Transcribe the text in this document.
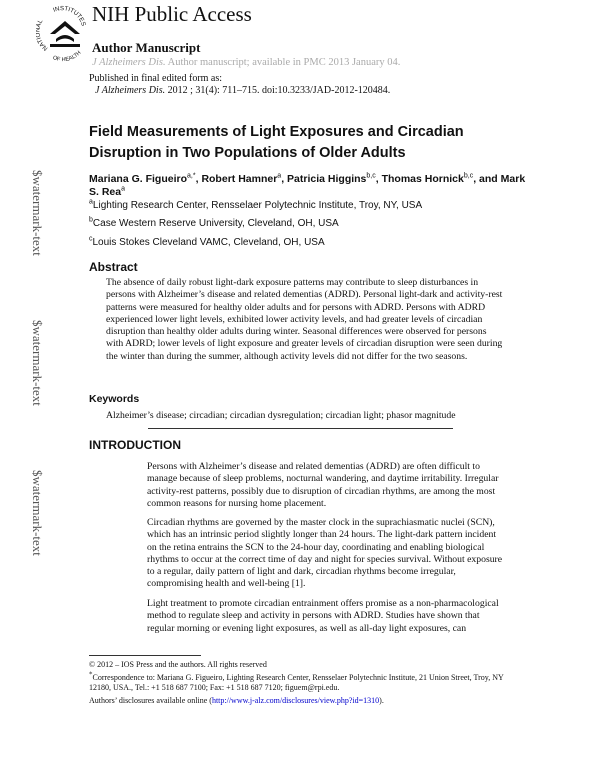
NATI L
INSTITUTE
OF HEALTH
NIH Public Access
Author Manuscript
J Alzheimers Dis. Author manuscript; available in PMC 2013 January 04.
Published in final edited form as:
J Alzheimers Dis. 2012 ; 31(4): 711–715. doi:10.3233/JAD-2012-120484.
$watermark-text
$watermark-text
$watermark-text
Field Measurements of Light Exposures and Circadian Disruption in Two Populations of Older Adults
Mariana G. Figueiro$^{a,*}$, Robert Hamner$^a$, Patricia Higgins$^{b,c}$, Thomas Hornick$^{b,c}$, and Mark S. Rea$^a$
$^a$Lighting Research Center, Rensselaer Polytechnic Institute, Troy, NY, USA
$^b$Case Western Reserve University, Cleveland, OH, USA
$^c$Louis Stokes Cleveland VAMC, Cleveland, OH, USA
Abstract
The absence of daily robust light-dark exposure patterns may contribute to sleep disturbances in persons with Alzheimer’s disease and related dementias (ADRD). Personal light-dark and activity-rest patterns were measured for healthy older adults and for persons with ADRD. Persons with ADRD experienced lower light levels, exhibited lower activity levels, and had greater levels of circadian disruption than healthy older adults during winter. Seasonal differences were observed for persons with ADRD; lower levels of light exposure and greater levels of circadian disruption were seen during the winter than during the summer, although activity levels did not differ for the two seasons.
Keywords
Alzheimer’s disease; circadian; circadian dysregulation; circadian light; phasor magnitude
INTRODUCTION
Persons with Alzheimer’s disease and related dementias (ADRD) are often difficult to manage because of sleep problems, nocturnal wandering, and daytime irritability. Irregular activity-rest patterns, possibly due to disruption of circadian rhythms, are among the most common reasons for nursing home placement.
Circadian rhythms are governed by the master clock in the suprachiasmatic nuclei (SCN), which has an intrinsic period slightly longer than 24 hours. The light-dark pattern incident on the retina entrains the SCN to the 24-hour day, coordinating and enabling biological rhythms to occur at the correct time of day and night for species survival. Without exposure to a regular, daily pattern of light and dark, circadian rhythms become irregular, compromising health and well-being [1].
Light treatment to promote circadian entrainment offers promise as a non-pharmacological method to regulate sleep and activity in persons with ADRD. Studies have shown that regular morning or evening light exposures, as well as all-day light exposures, can
© 2012 – IOS Press and the authors. All rights reserved
*Correspondence to: Mariana G. Figueiro, Lighting Research Center, Rensselaer Polytechnic Institute, 21 Union Street, Troy, NY 12180, USA., Tel.: +1 518 687 7100; Fax: +1 518 687 7120; figuem@rpi.edu.
Authors’ disclosures available online (http://www.j-alz.com/disclosures/view.php?id=1310).
